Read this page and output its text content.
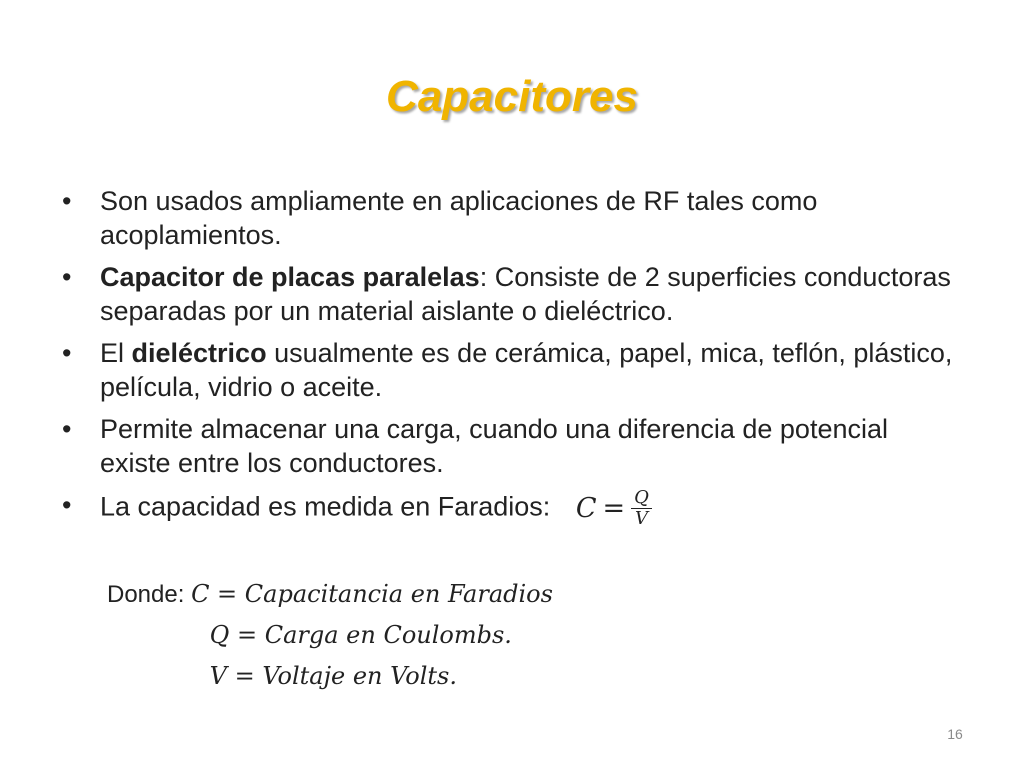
Capacitores
• Son usados ampliamente en aplicaciones de RF tales como acoplamientos.
• Capacitor de placas paralelas: Consiste de 2 superficies conductoras separadas por un material aislante o dieléctrico.
• El dieléctrico usualmente es de cerámica, papel, mica, teflón, plástico, película, vidrio o aceite.
• Permite almacenar una carga, cuando una diferencia de potencial existe entre los conductores.
• La capacidad es medida en Faradios: $C = \frac{Q}{V}$
Donde: C = Capacitancia en Faradios
Q = Carga en Coulombs.
V = Voltaje en Volts.
16
